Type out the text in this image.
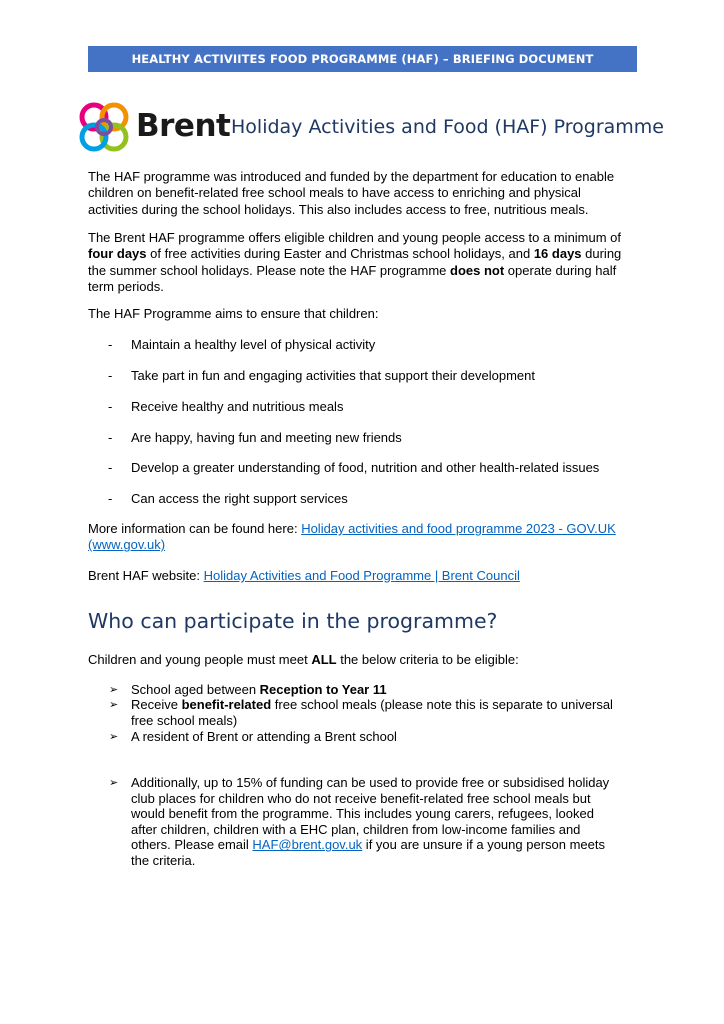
HEALTHY ACTIVIITES FOOD PROGRAMME (HAF) – BRIEFING DOCUMENT
Brent Holiday Activities and Food (HAF) Programme
The HAF programme was introduced and funded by the department for education to enable
children on benefit-related free school meals to have access to enriching and physical
activities during the school holidays. This also includes access to free, nutritious meals.
The Brent HAF programme offers eligible children and young people access to a minimum of
four days of free activities during Easter and Christmas school holidays, and 16 days during
the summer school holidays. Please note the HAF programme does not operate during half
term periods.
The HAF Programme aims to ensure that children:
- Maintain a healthy level of physical activity
- Take part in fun and engaging activities that support their development
- Receive healthy and nutritious meals
- Are happy, having fun and meeting new friends
- Develop a greater understanding of food, nutrition and other health-related issues
- Can access the right support services
More information can be found here: Holiday activities and food programme 2023 - GOV.UK
(www.gov.uk)
Brent HAF website: Holiday Activities and Food Programme | Brent Council
Who can participate in the programme?
Children and young people must meet ALL the below criteria to be eligible:
➢ School aged between Reception to Year 11
➢ Receive benefit-related free school meals (please note this is separate to universal
free school meals)
➢ A resident of Brent or attending a Brent school
➢ Additionally, up to 15% of funding can be used to provide free or subsidised holiday
club places for children who do not receive benefit-related free school meals but
would benefit from the programme. This includes young carers, refugees, looked
after children, children with a EHC plan, children from low-income families and
others. Please email HAF@brent.gov.uk if you are unsure if a young person meets
the criteria.
